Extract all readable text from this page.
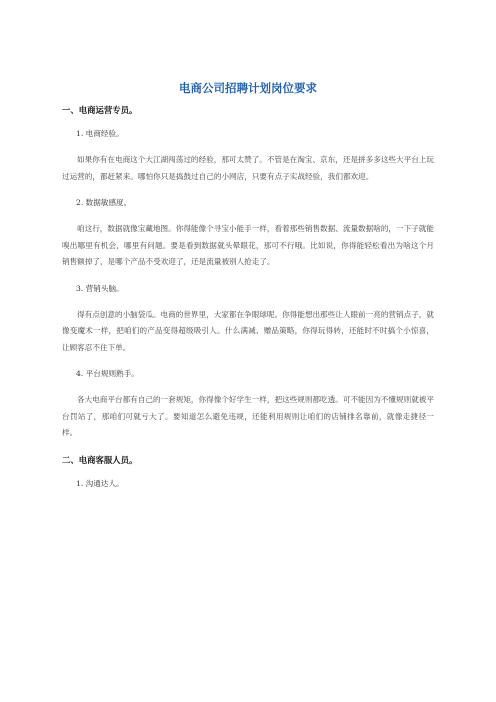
电商公司招聘计划岗位要求
一、电商运营专员。
1. 电商经验。

如果你有在电商这个大江湖闯荡过的经验，那可太赞了。不管是在淘宝、京东，还是拼多多这些大平台上玩过运营的，都赶紧来。哪怕你只是捣鼓过自己的小网店，只要有点子实战经验，我们都欢迎。

2. 数据敏感度。

咱这行，数据就像宝藏地图。你得能像个寻宝小能手一样，看着那些销售数据、流量数据啥的，一下子就能嗅出哪里有机会，哪里有问题。要是看到数据就头晕眼花，那可不行哦。比如说，你得能轻松看出为啥这个月销售额掉了，是哪个产品不受欢迎了，还是流量被别人抢走了。

3. 营销头脑。

得有点创意的小脑袋瓜。电商的世界里，大家都在争眼球呢。你得能想出那些让人眼前一亮的营销点子，就像变魔术一样，把咱们的产品变得超级吸引人。什么满减、赠品策略，你得玩得转，还能时不时搞个小惊喜，让顾客忍不住下单。

4. 平台规则熟手。

各大电商平台都有自己的一套规矩，你得像个好学生一样，把这些规则都吃透。可不能因为不懂规则就被平台罚站了，那咱们可就亏大了。要知道怎么避免违规，还能利用规则让咱们的店铺排名靠前，就像走捷径一样。

二、电商客服人员。
1. 沟通达人。
